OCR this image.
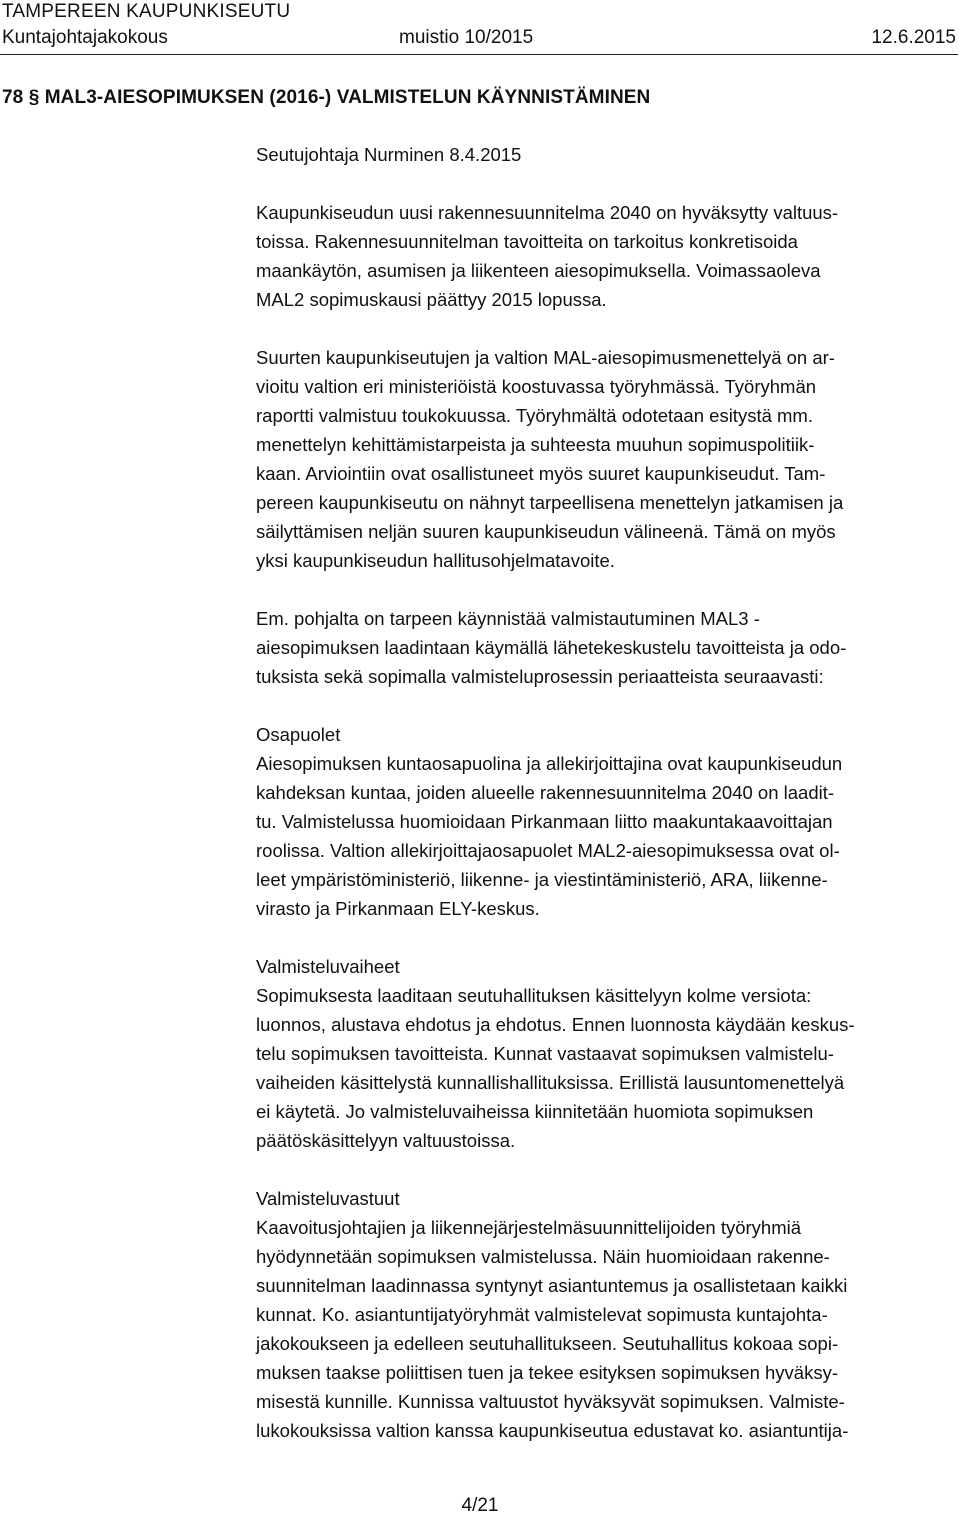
TAMPEREEN KAUPUNKISEUTU
Kuntajohtajakokous	muistio 10/2015	12.6.2015
78 § MAL3-AIESOPIMUKSEN (2016-) VALMISTELUN KÄYNNISTÄMINEN

Seutujohtaja Nurminen 8.4.2015

Kaupunkiseudun uusi rakennesuunnitelma 2040 on hyväksytty valtuus-
toissa. Rakennesuunnitelman tavoitteita on tarkoitus konkretisoida
maankäytön, asumisen ja liikenteen aiesopimuksella. Voimassaoleva
MAL2 sopimuskausi päättyy 2015 lopussa.

Suurten kaupunkiseutujen ja valtion MAL-aiesopimusmenettelyä on ar-
vioitu valtion eri ministeriöistä koostuvassa työryhmässä. Työryhmän
raportti valmistuu toukokuussa. Työryhmältä odotetaan esitystä mm.
menettelyn kehittämistarpeista ja suhteesta muuhun sopimuspolitiik-
kaan. Arviointiin ovat osallistuneet myös suuret kaupunkiseudut. Tam-
pereen kaupunkiseutu on nähnyt tarpeellisena menettelyn jatkamisen ja
säilyttämisen neljän suuren kaupunkiseudun välineenä. Tämä on myös
yksi kaupunkiseudun hallitusohjelmatavoite.

Em. pohjalta on tarpeen käynnistää valmistautuminen MAL3 -
aiesopimuksen laadintaan käymällä lähetekeskustelu tavoitteista ja odo-
tuksista sekä sopimalla valmisteluprosessin periaatteista seuraavasti:

Osapuolet
Aiesopimuksen kuntaosapuolina ja allekirjoittajina ovat kaupunkiseudun
kahdeksan kuntaa, joiden alueelle rakennesuunnitelma 2040 on laadit-
tu. Valmistelussa huomioidaan Pirkanmaan liitto maakuntakaavoittajan
roolissa. Valtion allekirjoittajaosapuolet MAL2-aiesopimuksessa ovat ol-
leet ympäristöministeriö, liikenne- ja viestintäministeriö, ARA, liikenne-
virasto ja Pirkanmaan ELY-keskus.

Valmisteluvaiheet
Sopimuksesta laaditaan seutuhallituksen käsittelyyn kolme versiota:
luonnos, alustava ehdotus ja ehdotus. Ennen luonnosta käydään keskus-
telu sopimuksen tavoitteista. Kunnat vastaavat sopimuksen valmistelu-
vaiheiden käsittelystä kunnallishallituksissa. Erillistä lausuntomenettelyä
ei käytetä. Jo valmisteluvaiheissa kiinnitetään huomiota sopimuksen
päätöskäsittelyyn valtuustoissa.

Valmisteluvastuut
Kaavoitusjohtajien ja liikennejärjestelmäsuunnittelijoiden työryhmiä
hyödynnetään sopimuksen valmistelussa. Näin huomioidaan rakenne-
suunnitelman laadinnassa syntynyt asiantuntemus ja osallistetaan kaikki
kunnat. Ko. asiantuntijatyöryhmät valmistelevat sopimusta kuntajohta-
jakokoukseen ja edelleen seutuhallitukseen. Seutuhallitus kokoaa sopi-
muksen taakse poliittisen tuen ja tekee esityksen sopimuksen hyväksy-
misestä kunnille. Kunnissa valtuustot hyväksyvät sopimuksen. Valmiste-
lukokouksissa valtion kanssa kaupunkiseutua edustavat ko. asiantuntija-

4/21
